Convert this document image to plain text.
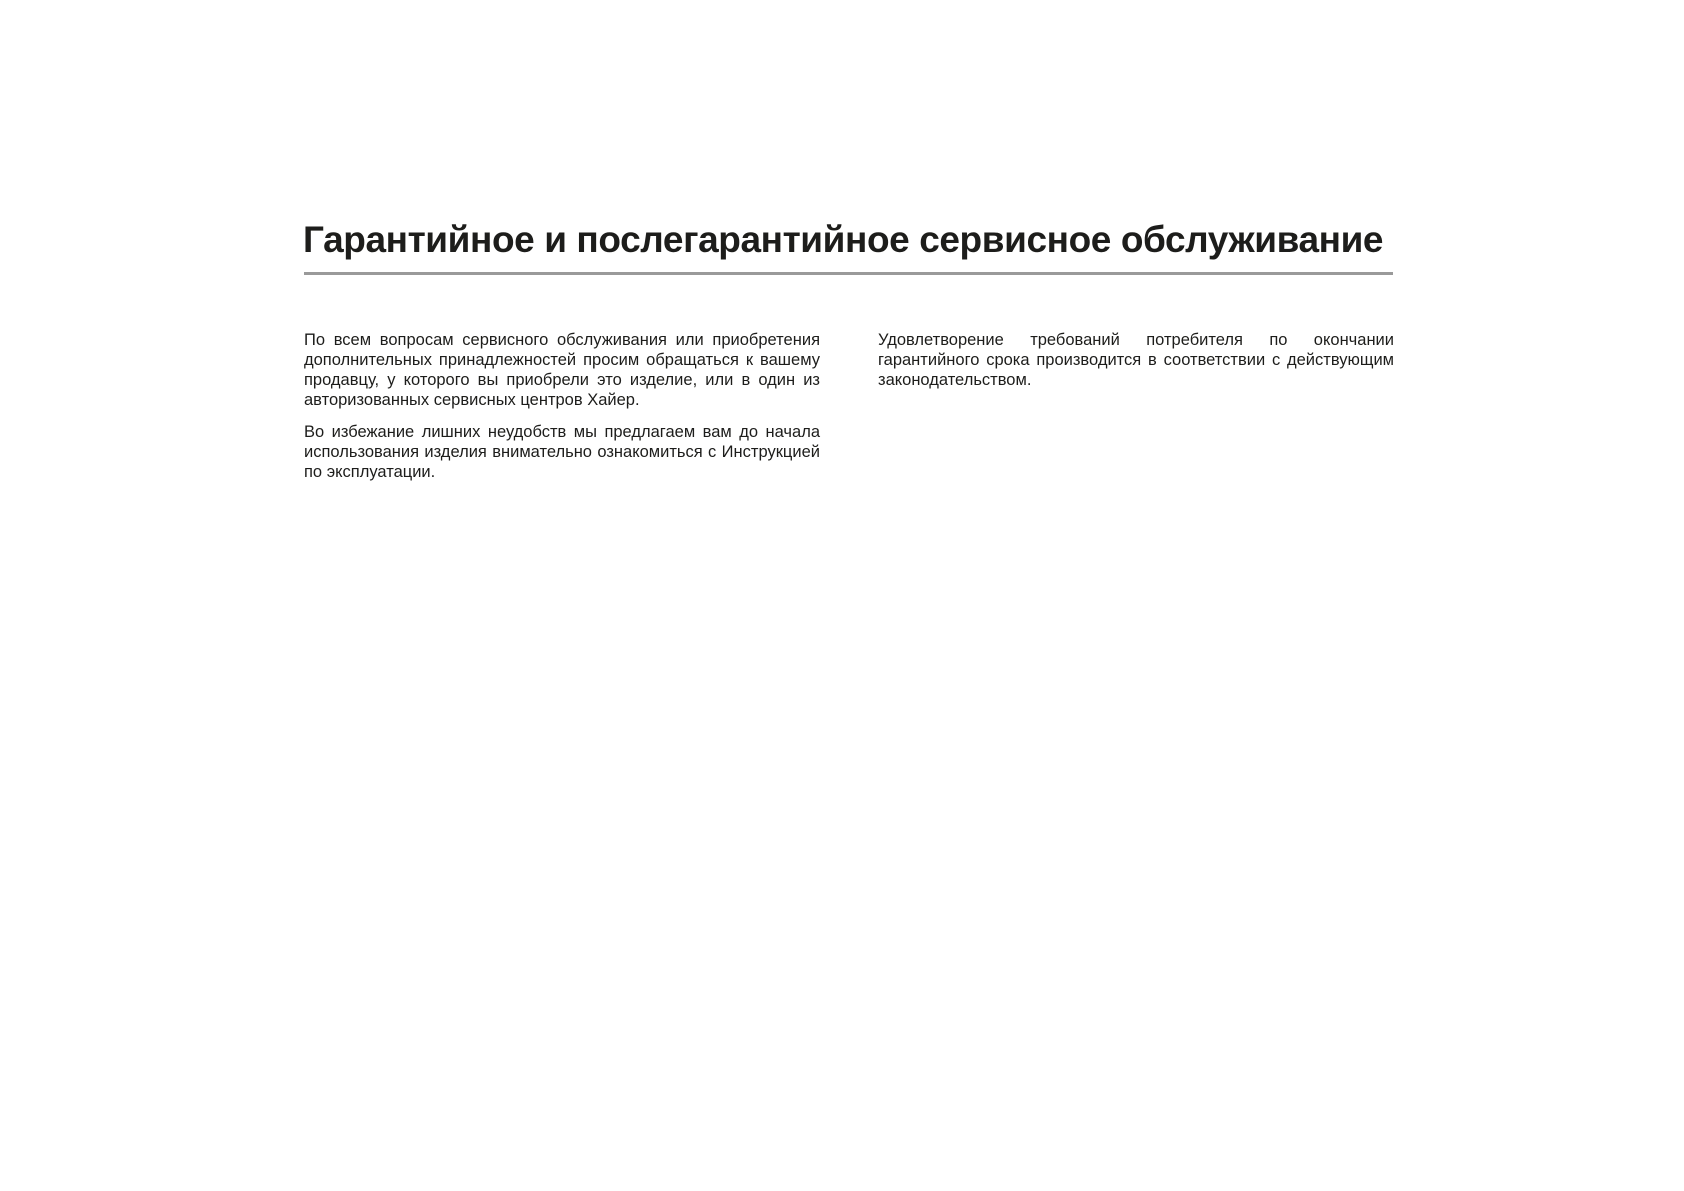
Гарантийное и послегарантийное сервисное обслуживание

По всем вопросам сервисного обслуживания или приобретения дополнительных принадлежностей просим обращаться к вашему продавцу, у которого вы приобрели это изделие, или в один из авторизованных сервисных центров Хайер.

Во избежание лишних неудобств мы предлагаем вам до начала использования изделия внимательно ознакомиться с Инструкцией по эксплуатации.

Удовлетворение требований потребителя по окончании гарантийного срока производится в соответствии с действующим законодательством.
